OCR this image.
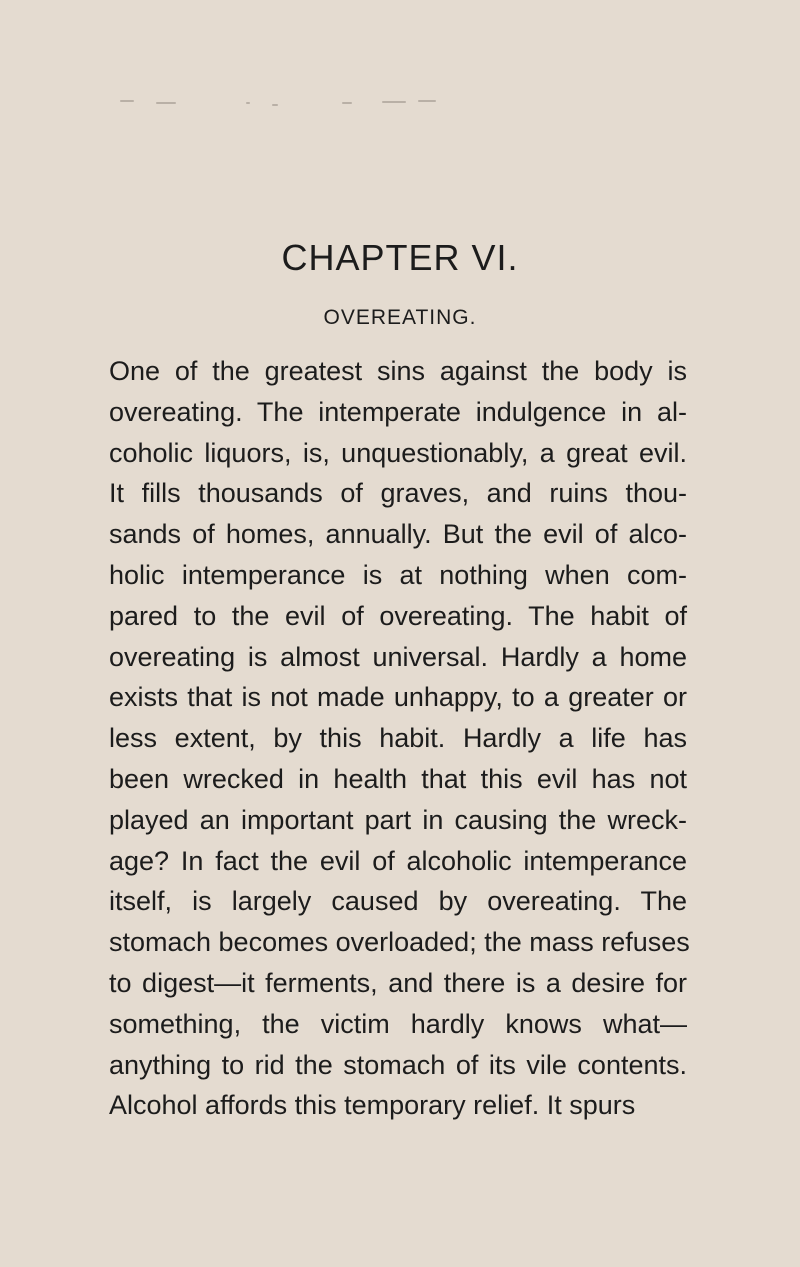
CHAPTER VI.
OVEREATING.
One of the greatest sins against the body is
overeating. The intemperate indulgence in al-
coholic liquors, is, unquestionably, a great evil.
It fills thousands of graves, and ruins thou-
sands of homes, annually. But the evil of alco-
holic intemperance is at nothing when com-
pared to the evil of overeating. The habit of
overeating is almost universal. Hardly a home
exists that is not made unhappy, to a greater or
less extent, by this habit. Hardly a life has
been wrecked in health that this evil has not
played an important part in causing the wreck-
age? In fact the evil of alcoholic intemperance
itself, is largely caused by overeating. The
stomach becomes overloaded; the mass refuses
to digest—it ferments, and there is a desire for
something, the victim hardly knows what—
anything to rid the stomach of its vile contents.
Alcohol affords this temporary relief. It spurs
